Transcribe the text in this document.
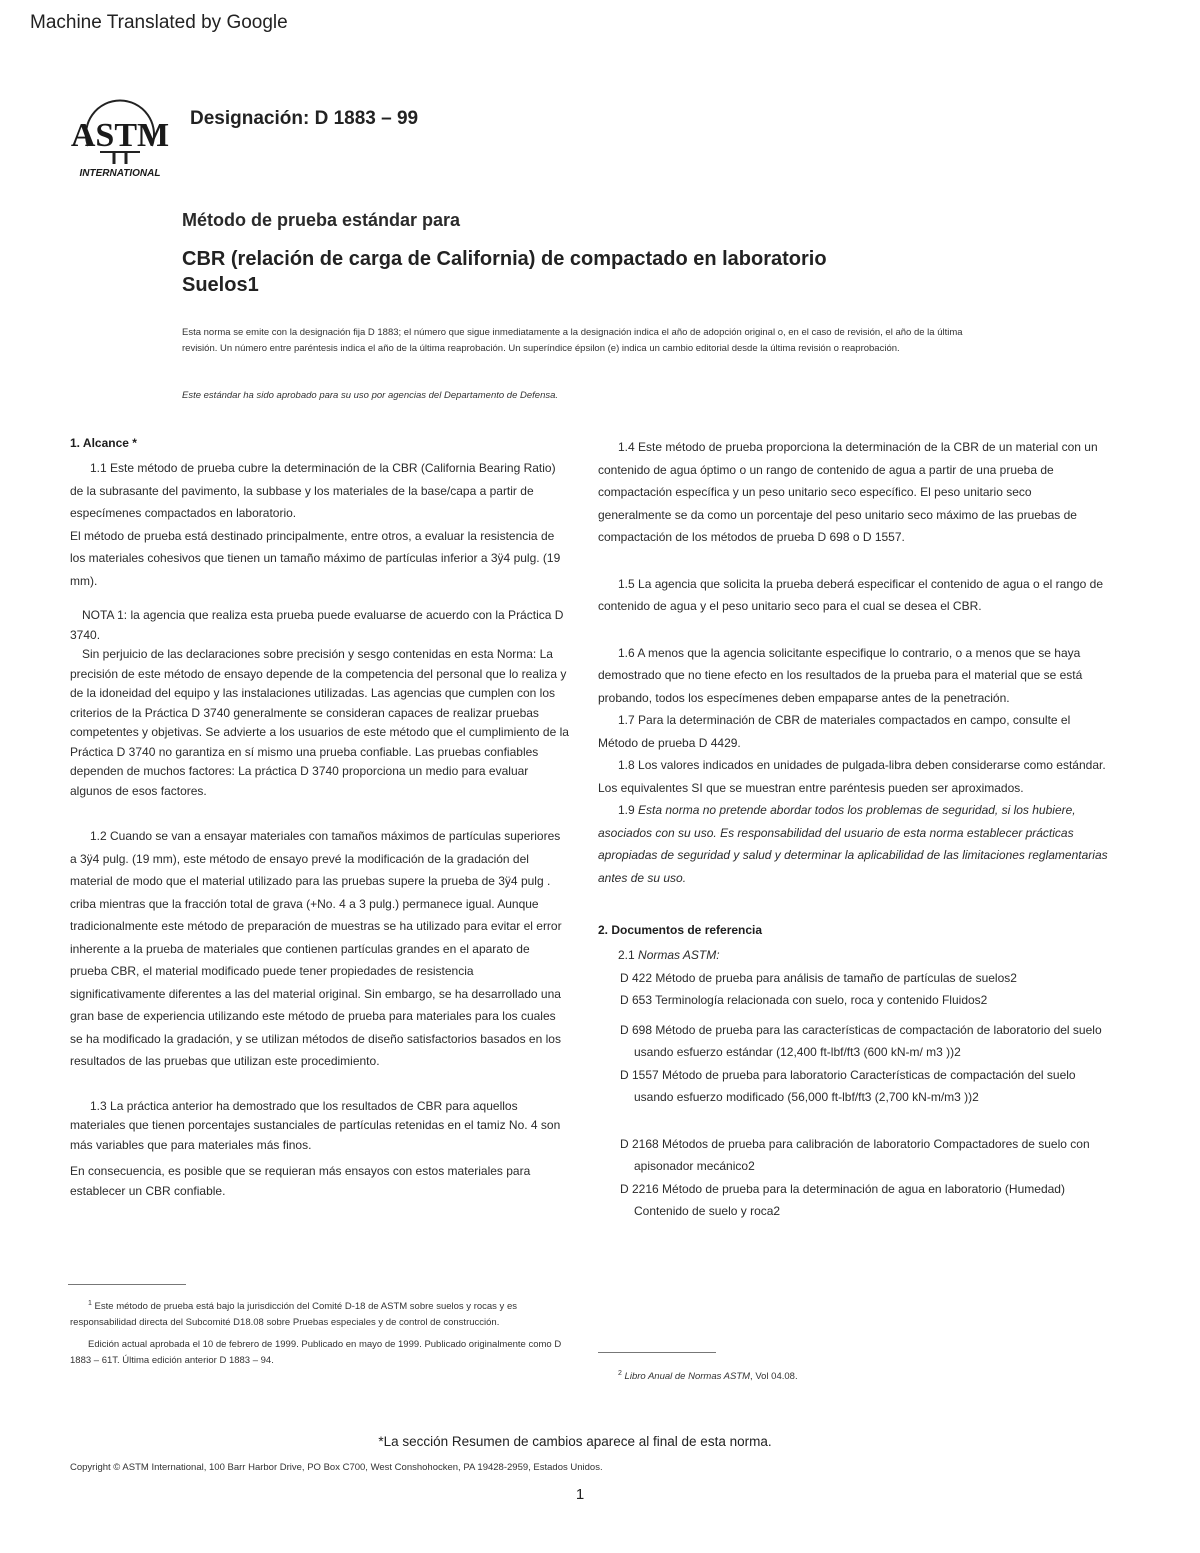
Machine Translated by Google
ASTM
INTERNATIONAL
Designación: D 1883 – 99
Método de prueba estándar para
CBR (relación de carga de California) de compactado en laboratorio
Suelos1
Esta norma se emite con la designación fija D 1883; el número que sigue inmediatamente a la designación indica el año de adopción original o, en el caso de revisión, el año de la última revisión. Un número entre paréntesis indica el año de la última reaprobación. Un superíndice épsilon (e) indica un cambio editorial desde la última revisión o reaprobación.
Este estándar ha sido aprobado para su uso por agencias del Departamento de Defensa.
1. Alcance *
1.1 Este método de prueba cubre la determinación de la CBR (California Bearing Ratio) de la subrasante del pavimento, la subbase y los materiales de la base/capa a partir de especímenes compactados en laboratorio.
El método de prueba está destinado principalmente, entre otros, a evaluar la resistencia de los materiales cohesivos que tienen un tamaño máximo de partículas inferior a 3ÿ4 pulg. (19 mm).
NOTA 1: la agencia que realiza esta prueba puede evaluarse de acuerdo con la Práctica D 3740.
Sin perjuicio de las declaraciones sobre precisión y sesgo contenidas en esta Norma: La precisión de este método de ensayo depende de la competencia del personal que lo realiza y de la idoneidad del equipo y las instalaciones utilizadas. Las agencias que cumplen con los criterios de la Práctica D 3740 generalmente se consideran capaces de realizar pruebas competentes y objetivas. Se advierte a los usuarios de este método que el cumplimiento de la Práctica D 3740 no garantiza en sí mismo una prueba confiable. Las pruebas confiables dependen de muchos factores: La práctica D 3740 proporciona un medio para evaluar algunos de esos factores.
1.2 Cuando se van a ensayar materiales con tamaños máximos de partículas superiores a 3ÿ4 pulg. (19 mm), este método de ensayo prevé la modificación de la gradación del material de modo que el material utilizado para las pruebas supere la prueba de 3ÿ4 pulg . criba mientras que la fracción total de grava (+No. 4 a 3 pulg.) permanece igual. Aunque tradicionalmente este método de preparación de muestras se ha utilizado para evitar el error inherente a la prueba de materiales que contienen partículas grandes en el aparato de prueba CBR, el material modificado puede tener propiedades de resistencia significativamente diferentes a las del material original. Sin embargo, se ha desarrollado una gran base de experiencia utilizando este método de prueba para materiales para los cuales se ha modificado la gradación, y se utilizan métodos de diseño satisfactorios basados en los resultados de las pruebas que utilizan este procedimiento.
1.3 La práctica anterior ha demostrado que los resultados de CBR para aquellos materiales que tienen porcentajes sustanciales de partículas retenidas en el tamiz No. 4 son más variables que para materiales más finos.
En consecuencia, es posible que se requieran más ensayos con estos materiales para establecer un CBR confiable.
1.4 Este método de prueba proporciona la determinación de la CBR de un material con un contenido de agua óptimo o un rango de contenido de agua a partir de una prueba de compactación específica y un peso unitario seco específico. El peso unitario seco generalmente se da como un porcentaje del peso unitario seco máximo de las pruebas de compactación de los métodos de prueba D 698 o D 1557.
1.5 La agencia que solicita la prueba deberá especificar el contenido de agua o el rango de contenido de agua y el peso unitario seco para el cual se desea el CBR.
1.6 A menos que la agencia solicitante especifique lo contrario, o a menos que se haya demostrado que no tiene efecto en los resultados de la prueba para el material que se está probando, todos los especímenes deben empaparse antes de la penetración.
1.7 Para la determinación de CBR de materiales compactados en campo, consulte el Método de prueba D 4429.
1.8 Los valores indicados en unidades de pulgada-libra deben considerarse como estándar. Los equivalentes SI que se muestran entre paréntesis pueden ser aproximados.
1.9 Esta norma no pretende abordar todos los problemas de seguridad, si los hubiere, asociados con su uso. Es responsabilidad del usuario de esta norma establecer prácticas apropiadas de seguridad y salud y determinar la aplicabilidad de las limitaciones reglamentarias antes de su uso.
2. Documentos de referencia
2.1 Normas ASTM:
D 422 Método de prueba para análisis de tamaño de partículas de suelos2
D 653 Terminología relacionada con suelo, roca y contenido Fluidos2
D 698 Método de prueba para las características de compactación de laboratorio del suelo usando esfuerzo estándar (12,400 ft-lbf/ft3 (600 kN-m/ m3 ))2
D 1557 Método de prueba para laboratorio Características de compactación del suelo usando esfuerzo modificado (56,000 ft-lbf/ft3 (2,700 kN-m/m3 ))2
D 2168 Métodos de prueba para calibración de laboratorio Compactadores de suelo con apisonador mecánico2
D 2216 Método de prueba para la determinación de agua en laboratorio (Humedad) Contenido de suelo y roca2
$^1$ Este método de prueba está bajo la jurisdicción del Comité D-18 de ASTM sobre suelos y rocas y es responsabilidad directa del Subcomité D18.08 sobre Pruebas especiales y de control de construcción.
Edición actual aprobada el 10 de febrero de 1999. Publicado en mayo de 1999. Publicado originalmente como D 1883 – 61T. Última edición anterior D 1883 – 94.
$^2$ Libro Anual de Normas ASTM, Vol 04.08.
*La sección Resumen de cambios aparece al final de esta norma.
Copyright © ASTM International, 100 Barr Harbor Drive, PO Box C700, West Conshohocken, PA 19428-2959, Estados Unidos.
1
